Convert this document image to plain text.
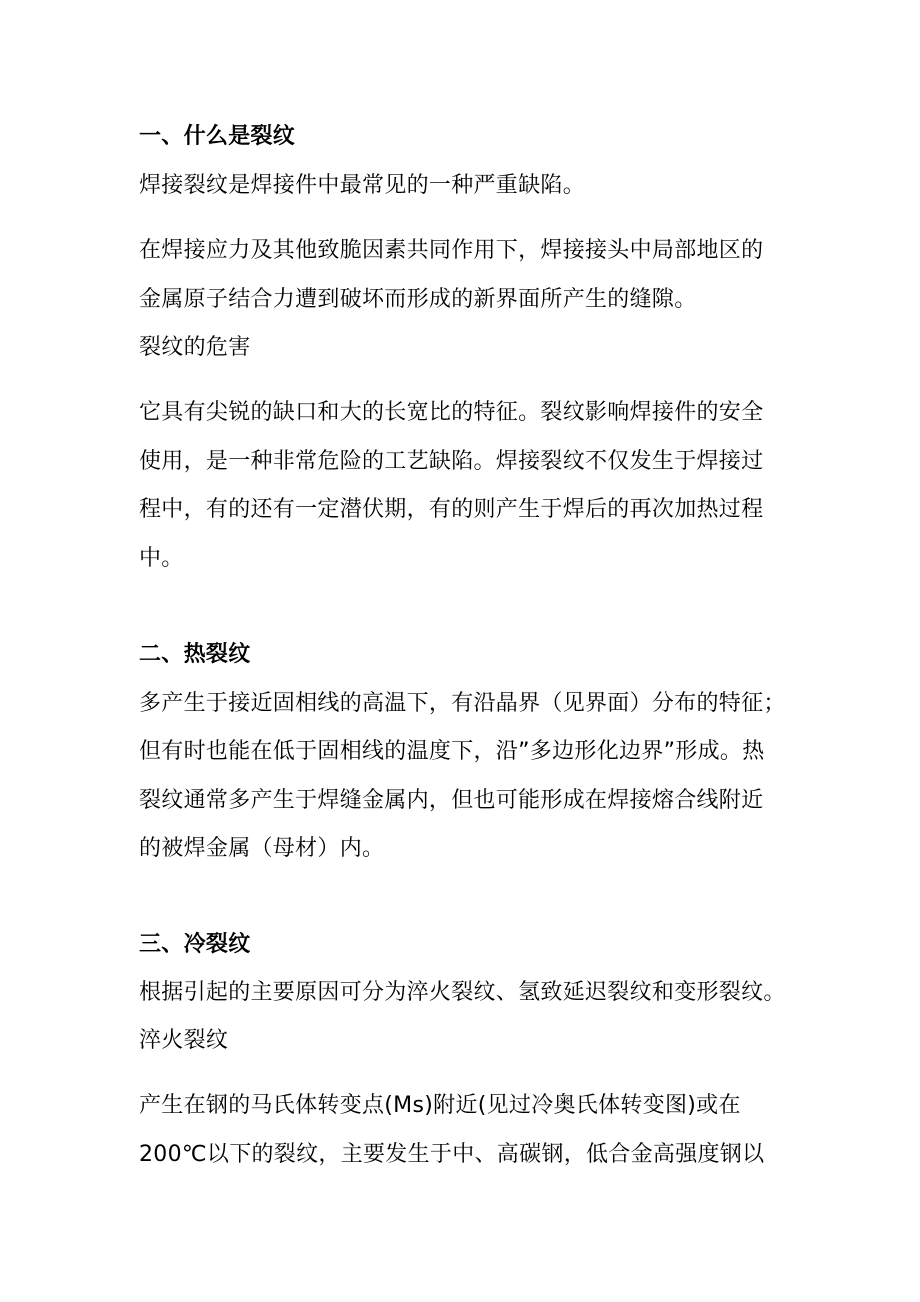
一、什么是裂纹
焊接裂纹是焊接件中最常见的一种严重缺陷。
在焊接应力及其他致脆因素共同作用下，焊接接头中局部地区的
金属原子结合力遭到破坏而形成的新界面所产生的缝隙。
裂纹的危害
它具有尖锐的缺口和大的长宽比的特征。裂纹影响焊接件的安全
使用，是一种非常危险的工艺缺陷。焊接裂纹不仅发生于焊接过
程中，有的还有一定潜伏期，有的则产生于焊后的再次加热过程
中。
二、热裂纹
多产生于接近固相线的高温下，有沿晶界（见界面）分布的特征；
但有时也能在低于固相线的温度下，沿”多边形化边界”形成。热
裂纹通常多产生于焊缝金属内，但也可能形成在焊接熔合线附近
的被焊金属（母材）内。
三、冷裂纹
根据引起的主要原因可分为淬火裂纹、氢致延迟裂纹和变形裂纹。
淬火裂纹
产生在钢的马氏体转变点(Ms)附近(见过冷奥氏体转变图)或在
200℃以下的裂纹，主要发生于中、高碳钢，低合金高强度钢以
